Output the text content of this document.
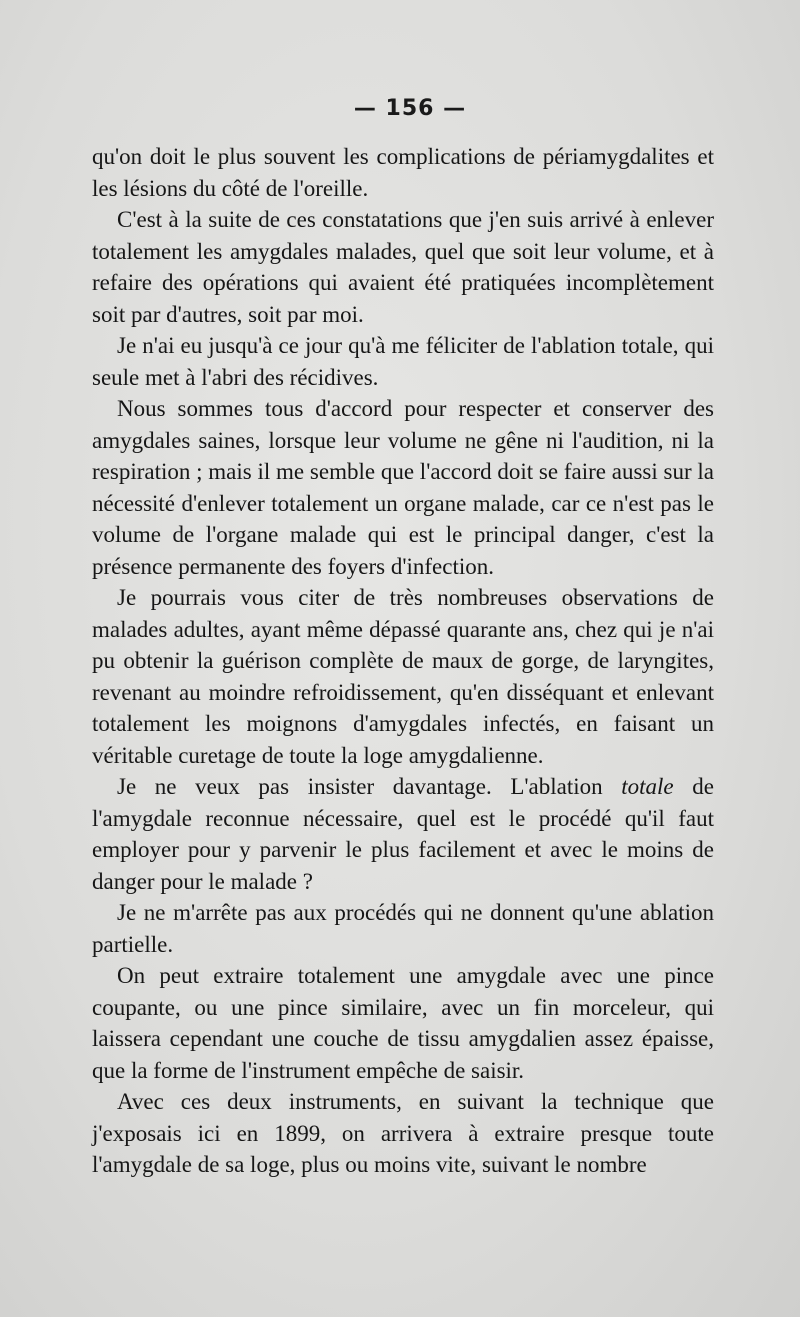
— 156 —

qu'on doit le plus souvent les complications de périamygdalites et les lésions du côté de l'oreille.

C'est à la suite de ces constatations que j'en suis arrivé à enlever totalement les amygdales malades, quel que soit leur volume, et à refaire des opérations qui avaient été pratiquées incomplètement soit par d'autres, soit par moi.

Je n'ai eu jusqu'à ce jour qu'à me féliciter de l'ablation totale, qui seule met à l'abri des récidives.

Nous sommes tous d'accord pour respecter et conserver des amygdales saines, lorsque leur volume ne gêne ni l'audition, ni la respiration ; mais il me semble que l'accord doit se faire aussi sur la nécessité d'enlever totalement un organe malade, car ce n'est pas le volume de l'organe malade qui est le principal danger, c'est la présence permanente des foyers d'infection.

Je pourrais vous citer de très nombreuses observations de malades adultes, ayant même dépassé quarante ans, chez qui je n'ai pu obtenir la guérison complète de maux de gorge, de laryngites, revenant au moindre refroidissement, qu'en disséquant et enlevant totalement les moignons d'amygdales infectés, en faisant un véritable curetage de toute la loge amygdalienne.

Je ne veux pas insister davantage. L'ablation totale de l'amygdale reconnue nécessaire, quel est le procédé qu'il faut employer pour y parvenir le plus facilement et avec le moins de danger pour le malade ?

Je ne m'arrête pas aux procédés qui ne donnent qu'une ablation partielle.

On peut extraire totalement une amygdale avec une pince coupante, ou une pince similaire, avec un fin morceleur, qui laissera cependant une couche de tissu amygdalien assez épaisse, que la forme de l'instrument empêche de saisir.

Avec ces deux instruments, en suivant la technique que j'exposais ici en 1899, on arrivera à extraire presque toute l'amygdale de sa loge, plus ou moins vite, suivant le nombre
